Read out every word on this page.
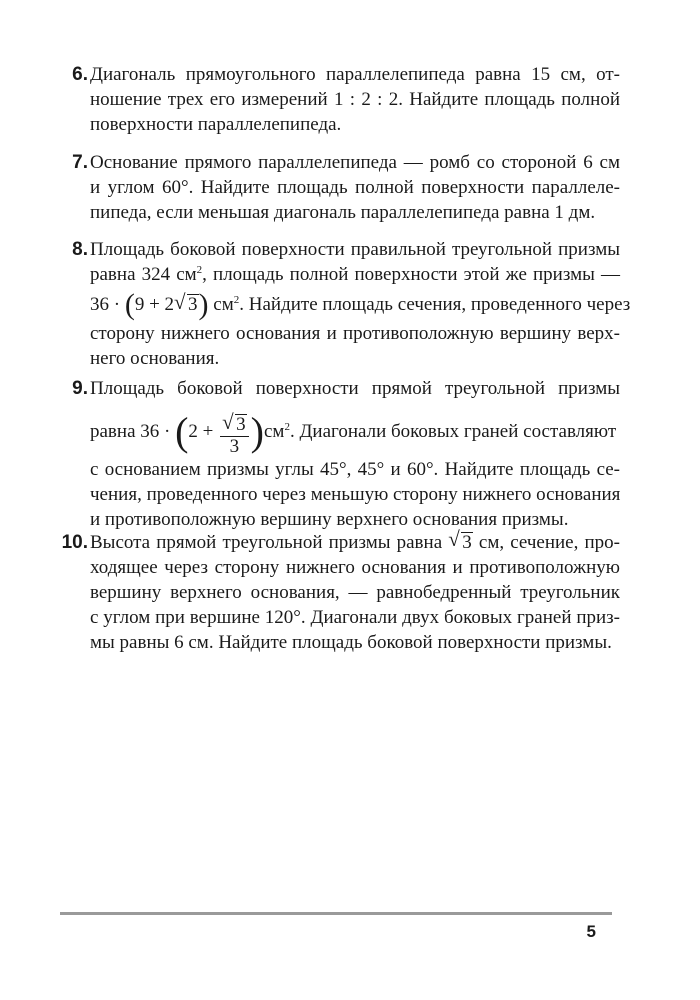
6. Диагональ прямоугольного параллелепипеда равна 15 см, от-
ношение трех его измерений 1 : 2 : 2. Найдите площадь полной
поверхности параллелепипеда.
7. Основание прямого параллелепипеда — ромб со стороной 6 см
и углом 60°. Найдите площадь полной поверхности параллеле-
пипеда, если меньшая диагональ параллелепипеда равна 1 дм.
8. Площадь боковой поверхности правильной треугольной призмы
равна 324 $см^2$, площадь полной поверхности этой же призмы —
36 · (9 + 2 √ 3) $см^2$. Найдите площадь сечения, проведенного через
сторону нижнего основания и противоположную вершину верх-
него основания.
9. Площадь боковой поверхности прямой треугольной призмы
равна $36 \cdot (2 + \frac{√ 3}{3} )см^2$. Диагонали боковых граней составляют
с основанием призмы углы 45°, 45° и 60°. Найдите площадь се-
чения, проведенного через меньшую сторону нижнего основания
и противоположную вершину верхнего основания призмы.
10. Высота прямой треугольной призмы равна √ 3 см, сечение, про-
ходящее через сторону нижнего основания и противоположную
вершину верхнего основания, — равнобедренный треугольник
с углом при вершине 120°. Диагонали двух боковых граней приз-
мы равны 6 см. Найдите площадь боковой поверхности призмы.
5
